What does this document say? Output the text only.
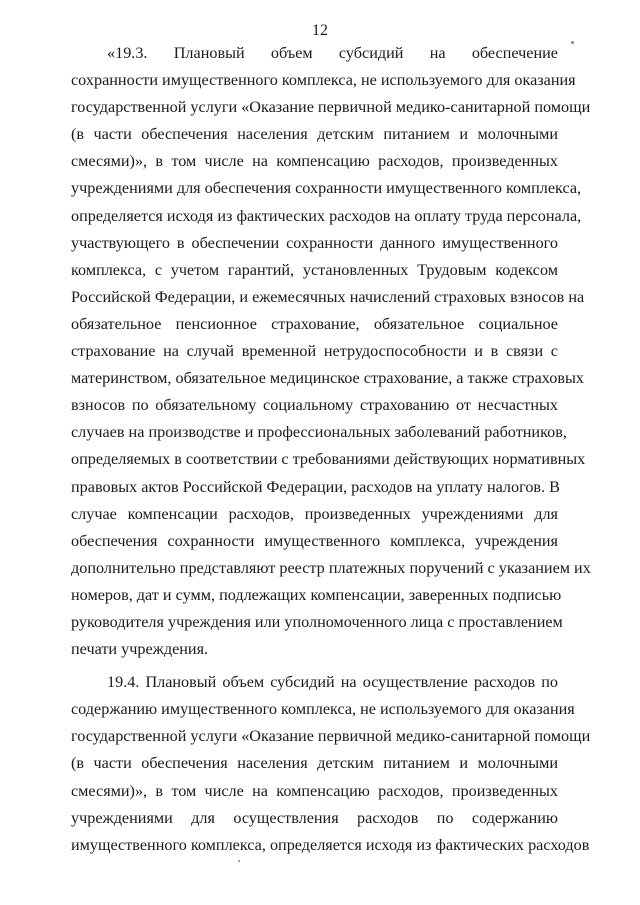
12
«19.3. Плановый объем субсидий на обеспечение
сохранности имущественного комплекса, не используемого для оказания
государственной услуги «Оказание первичной медико-санитарной помощи
(в части обеспечения населения детским питанием и молочными
смесями)», в том числе на компенсацию расходов, произведенных
учреждениями для обеспечения сохранности имущественного комплекса,
определяется исходя из фактических расходов на оплату труда персонала,
участвующего в обеспечении сохранности данного имущественного
комплекса, с учетом гарантий, установленных Трудовым кодексом
Российской Федерации, и ежемесячных начислений страховых взносов на
обязательное пенсионное страхование, обязательное социальное
страхование на случай временной нетрудоспособности и в связи с
материнством, обязательное медицинское страхование, а также страховых
взносов по обязательному социальному страхованию от несчастных
случаев на производстве и профессиональных заболеваний работников,
определяемых в соответствии с требованиями действующих нормативных
правовых актов Российской Федерации, расходов на уплату налогов. В
случае компенсации расходов, произведенных учреждениями для
обеспечения сохранности имущественного комплекса, учреждения
дополнительно представляют реестр платежных поручений с указанием их
номеров, дат и сумм, подлежащих компенсации, заверенных подписью
руководителя учреждения или уполномоченного лица с проставлением
печати учреждения.
19.4. Плановый объем субсидий на осуществление расходов по
содержанию имущественного комплекса, не используемого для оказания
государственной услуги «Оказание первичной медико-санитарной помощи
(в части обеспечения населения детским питанием и молочными
смесями)», в том числе на компенсацию расходов, произведенных
учреждениями для осуществления расходов по содержанию
имущественного комплекса, определяется исходя из фактических расходов
